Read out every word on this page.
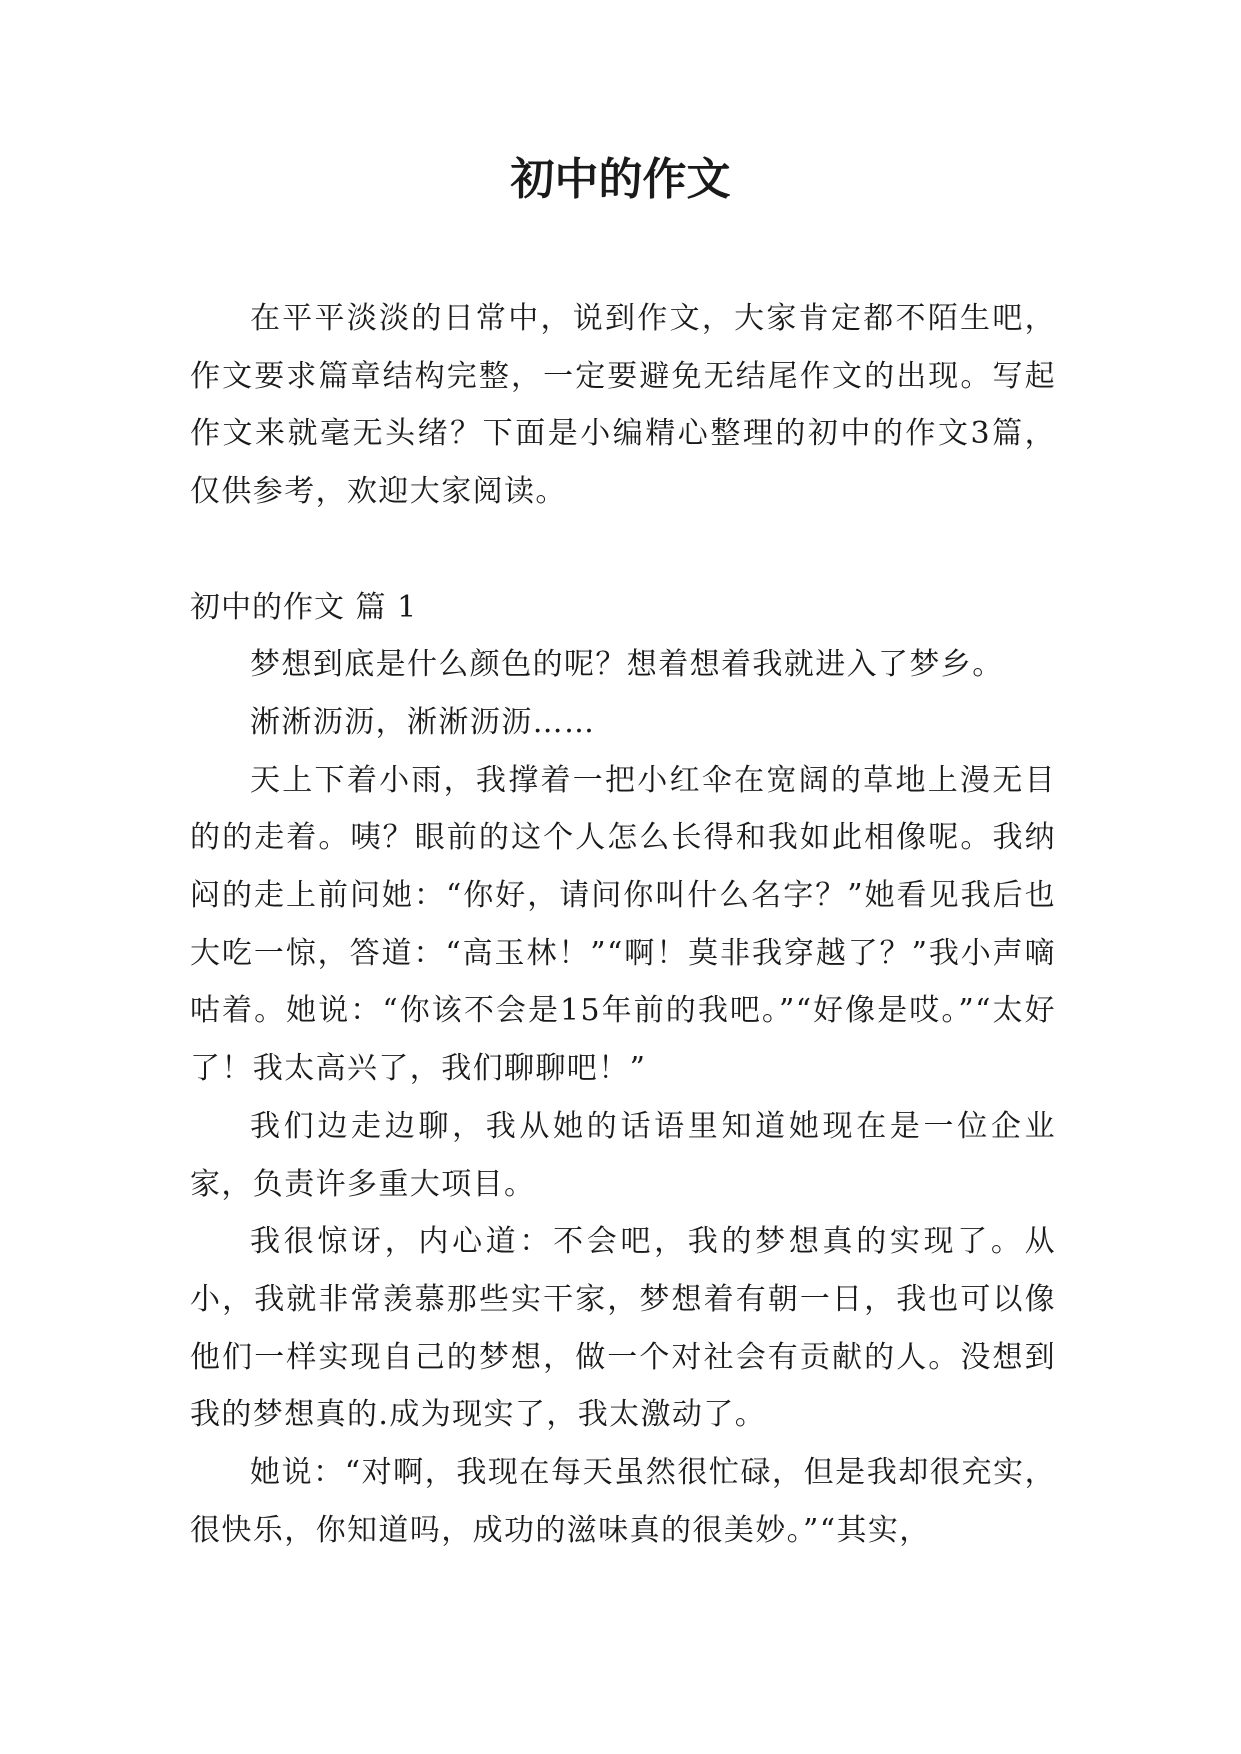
初中的作文

在平平淡淡的日常中，说到作文，大家肯定都不陌生吧，作文要求篇章结构完整，一定要避免无结尾作文的出现。写起作文来就毫无头绪？下面是小编精心整理的初中的作文3篇，仅供参考，欢迎大家阅读。

初中的作文 篇 1

梦想到底是什么颜色的呢？想着想着我就进入了梦乡。

淅淅沥沥，淅淅沥沥……

天上下着小雨，我撑着一把小红伞在宽阔的草地上漫无目的的走着。咦？眼前的这个人怎么长得和我如此相像呢。我纳闷的走上前问她：“你好，请问你叫什么名字？”她看见我后也大吃一惊，答道：“高玉林！”“啊！莫非我穿越了？”我小声嘀咕着。她说：“你该不会是15年前的我吧。”“好像是哎。”“太好了！我太高兴了，我们聊聊吧！”

我们边走边聊，我从她的话语里知道她现在是一位企业家，负责许多重大项目。

我很惊讶，内心道：不会吧，我的梦想真的实现了。从小，我就非常羡慕那些实干家，梦想着有朝一日，我也可以像他们一样实现自己的梦想，做一个对社会有贡献的人。没想到我的梦想真的.成为现实了，我太激动了。

她说：“对啊，我现在每天虽然很忙碌，但是我却很充实，很快乐，你知道吗，成功的滋味真的很美妙。”“其实，
